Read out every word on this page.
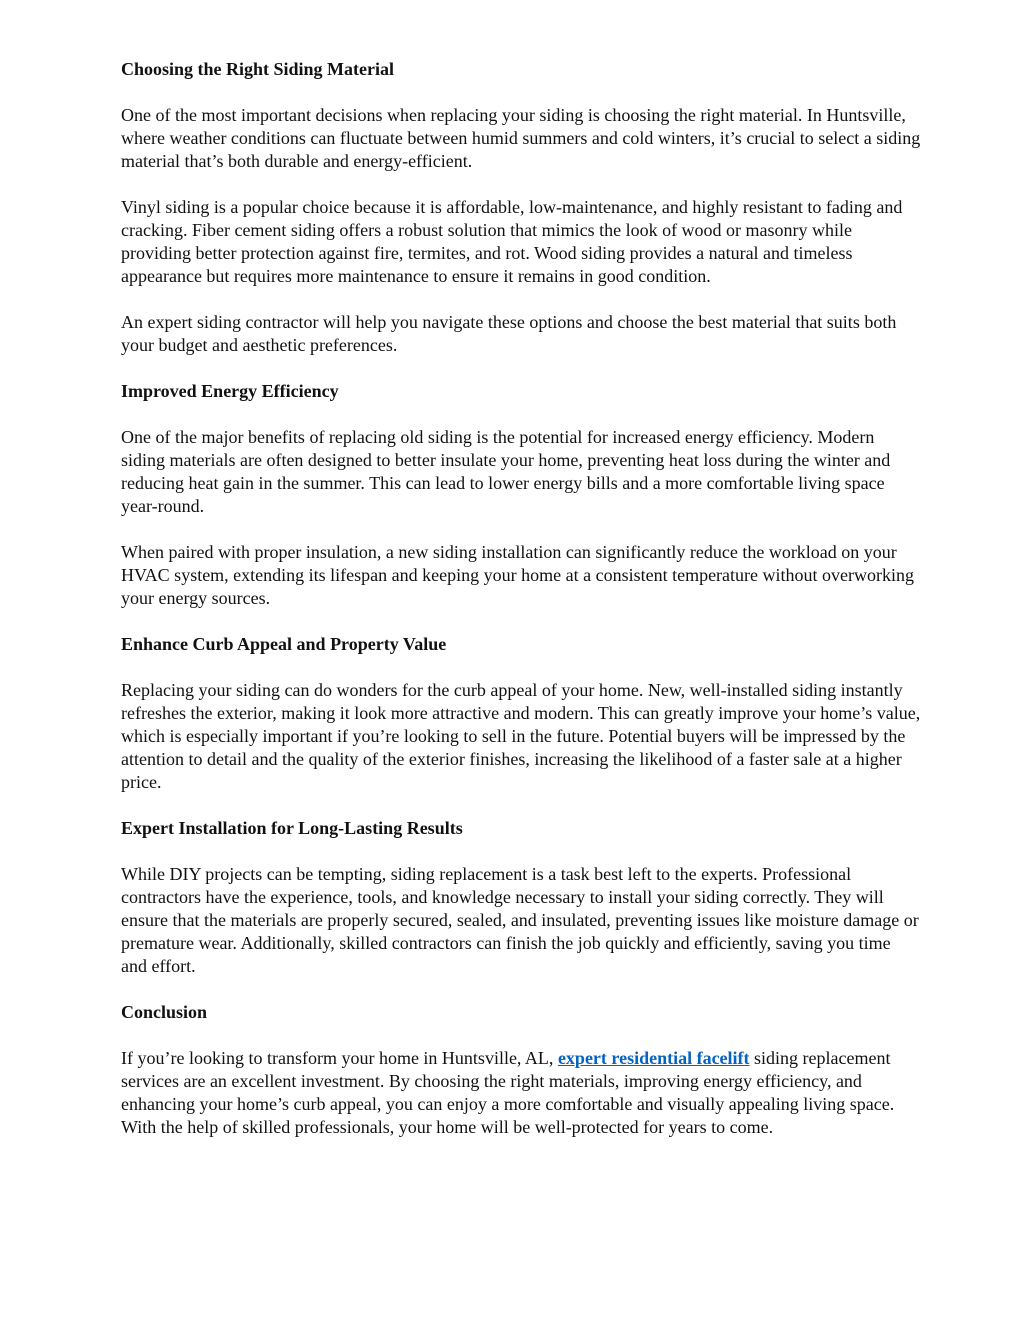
Choosing the Right Siding Material

One of the most important decisions when replacing your siding is choosing the right material. In Huntsville, where weather conditions can fluctuate between humid summers and cold winters, it’s crucial to select a siding material that’s both durable and energy-efficient.

Vinyl siding is a popular choice because it is affordable, low-maintenance, and highly resistant to fading and cracking. Fiber cement siding offers a robust solution that mimics the look of wood or masonry while providing better protection against fire, termites, and rot. Wood siding provides a natural and timeless appearance but requires more maintenance to ensure it remains in good condition.

An expert siding contractor will help you navigate these options and choose the best material that suits both your budget and aesthetic preferences.

Improved Energy Efficiency

One of the major benefits of replacing old siding is the potential for increased energy efficiency. Modern siding materials are often designed to better insulate your home, preventing heat loss during the winter and reducing heat gain in the summer. This can lead to lower energy bills and a more comfortable living space year-round.

When paired with proper insulation, a new siding installation can significantly reduce the workload on your HVAC system, extending its lifespan and keeping your home at a consistent temperature without overworking your energy sources.

Enhance Curb Appeal and Property Value

Replacing your siding can do wonders for the curb appeal of your home. New, well-installed siding instantly refreshes the exterior, making it look more attractive and modern. This can greatly improve your home’s value, which is especially important if you’re looking to sell in the future. Potential buyers will be impressed by the attention to detail and the quality of the exterior finishes, increasing the likelihood of a faster sale at a higher price.

Expert Installation for Long-Lasting Results

While DIY projects can be tempting, siding replacement is a task best left to the experts. Professional contractors have the experience, tools, and knowledge necessary to install your siding correctly. They will ensure that the materials are properly secured, sealed, and insulated, preventing issues like moisture damage or premature wear. Additionally, skilled contractors can finish the job quickly and efficiently, saving you time and effort.

Conclusion

If you’re looking to transform your home in Huntsville, AL, expert residential facelift siding replacement services are an excellent investment. By choosing the right materials, improving energy efficiency, and enhancing your home’s curb appeal, you can enjoy a more comfortable and visually appealing living space. With the help of skilled professionals, your home will be well-protected for years to come.
